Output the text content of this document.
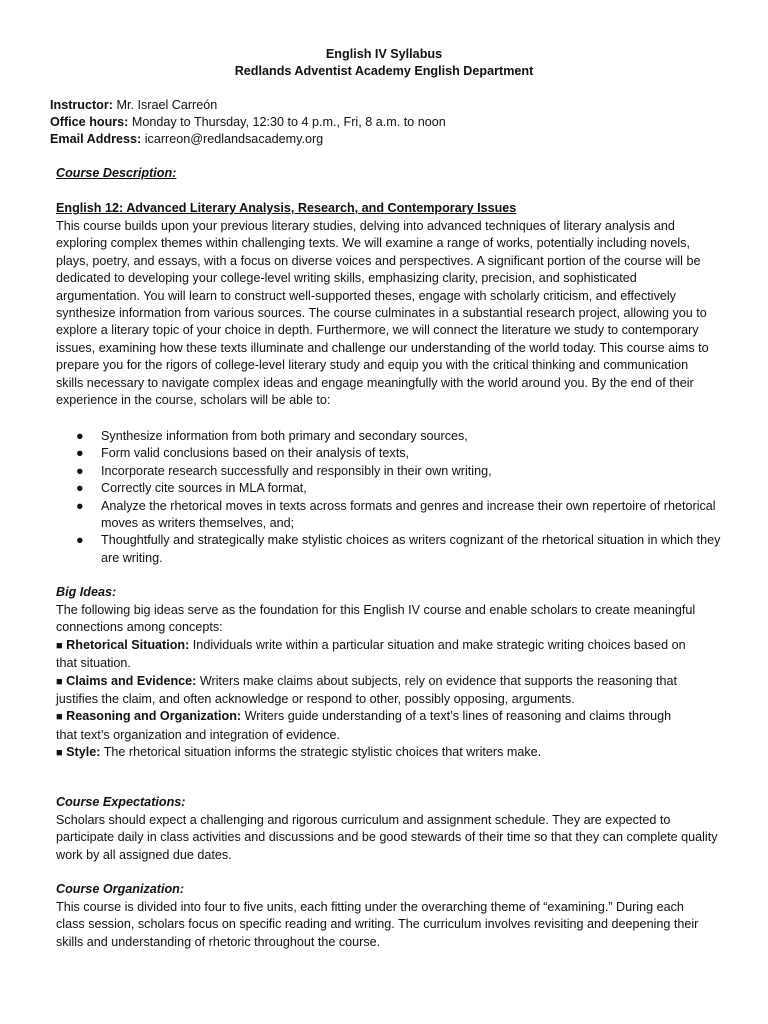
English IV Syllabus
Redlands Adventist Academy English Department
Instructor: Mr. Israel Carreón
Office hours: Monday to Thursday, 12:30 to 4 p.m., Fri, 8 a.m. to noon
Email Address: icarreon@redlandsacademy.org
Course Description:
English 12: Advanced Literary Analysis, Research, and Contemporary Issues

This course builds upon your previous literary studies, delving into advanced techniques of literary analysis and

exploring complex themes within challenging texts. We will examine a range of works, potentially including novels,

plays, poetry, and essays, with a focus on diverse voices and perspectives. A significant portion of the course will be

dedicated to developing your college-level writing skills, emphasizing clarity, precision, and sophisticated

argumentation. You will learn to construct well-supported theses, engage with scholarly criticism, and effectively

synthesize information from various sources. The course culminates in a substantial research project, allowing you to

explore a literary topic of your choice in depth. Furthermore, we will connect the literature we study to contemporary

issues, examining how these texts illuminate and challenge our understanding of the world today. This course aims to

prepare you for the rigors of college-level literary study and equip you with the critical thinking and communication

skills necessary to navigate complex ideas and engage meaningfully with the world around you. By the end of their

experience in the course, scholars will be able to:

● Synthesize information from both primary and secondary sources,
● Form valid conclusions based on their analysis of texts,
● Incorporate research successfully and responsibly in their own writing,
● Correctly cite sources in MLA format,
● Analyze the rhetorical moves in texts across formats and genres and increase their own repertoire of rhetorical moves as writers themselves, and;
● Thoughtfully and strategically make stylistic choices as writers cognizant of the rhetorical situation in which they are writing.
Big Ideas:

The following big ideas serve as the foundation for this English IV course and enable scholars to create meaningful

connections among concepts:

■ Rhetorical Situation: Individuals write within a particular situation and make strategic writing choices based on

that situation.

■ Claims and Evidence: Writers make claims about subjects, rely on evidence that supports the reasoning that

justifies the claim, and often acknowledge or respond to other, possibly opposing, arguments.

■ Reasoning and Organization: Writers guide understanding of a text’s lines of reasoning and claims through

that text’s organization and integration of evidence.

■ Style: The rhetorical situation informs the strategic stylistic choices that writers make.

Course Expectations:

Scholars should expect a challenging and rigorous curriculum and assignment schedule. They are expected to

participate daily in class activities and discussions and be good stewards of their time so that they can complete quality

work by all assigned due dates.

Course Organization:

This course is divided into four to five units, each fitting under the overarching theme of “examining.” During each

class session, scholars focus on specific reading and writing. The curriculum involves revisiting and deepening their

skills and understanding of rhetoric throughout the course.
